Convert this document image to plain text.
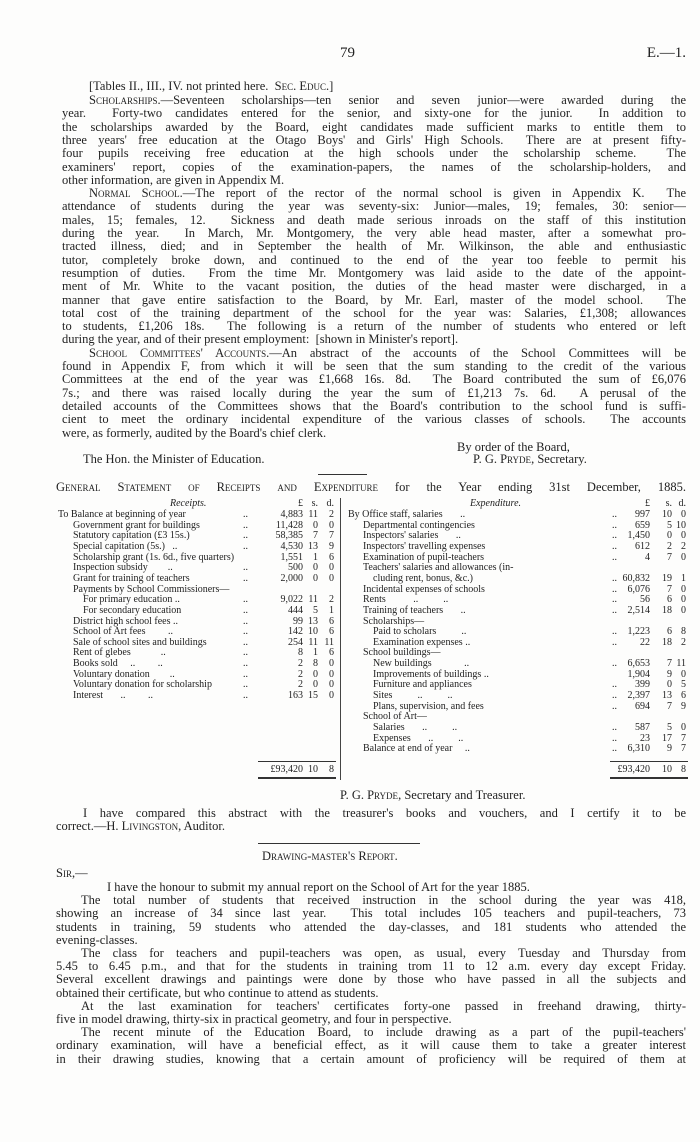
79	E.—1.
Receipts.	Expenditure.
[Tables II., III., IV. not printed here.  Sec. Educ.]
Scholarships.—Seventeen scholarships—ten senior and seven junior—were awarded during the
year.  Forty-two candidates entered for the senior, and sixty-one for the junior.  In addition to
the scholarships awarded by the Board, eight candidates made sufficient marks to entitle them to
three years' free education at the Otago Boys' and Girls' High Schools.  There are at present fifty-
four pupils receiving free education at the high schools under the scholarship scheme.  The
examiners' report, copies of the examination-papers, the names of the scholarship-holders, and
other information, are given in Appendix M.
Normal School.—The report of the rector of the normal school is given in Appendix K.  The
attendance of students during the year was seventy-six: Junior—males, 19; females, 30: senior—
males, 15; females, 12.  Sickness and death made serious inroads on the staff of this institution
during the year.  In March, Mr. Montgomery, the very able head master, after a somewhat pro-
tracted illness, died; and in September the health of Mr. Wilkinson, the able and enthusiastic
tutor, completely broke down, and continued to the end of the year too feeble to permit his
resumption of duties.  From the time Mr. Montgomery was laid aside to the date of the appoint-
ment of Mr. White to the vacant position, the duties of the head master were discharged, in a
manner that gave entire satisfaction to the Board, by Mr. Earl, master of the model school.  The
total cost of the training department of the school for the year was: Salaries, £1,308; allowances
to students, £1,206 18s.  The following is a return of the number of students who entered or left
during the year, and of their present employment:  [shown in Minister's report].
School Committees' Accounts.—An abstract of the accounts of the School Committees will be
found in Appendix F, from which it will be seen that the sum standing to the credit of the various
Committees at the end of the year was £1,668 16s. 8d.  The Board contributed the sum of £6,076
7s.; and there was raised locally during the year the sum of £1,213 7s. 6d.  A perusal of the
detailed accounts of the Committees shows that the Board's contribution to the school fund is suffi-
cient to meet the ordinary incidental expenditure of the various classes of schools.  The accounts
were, as formerly, audited by the Board's chief clerk.
By order of the Board,
P. G. Pryde, Secretary.
The Hon. the Minister of Education.
General Statement of Receipts and Expenditure for the Year ending 31st December, 1885.
£ s. d.	£ s. d.
To Balance at beginning of year	..	4,883 11 2
Government grant for buildings	..	11,428 0 0
Statutory capitation (£3 15s.)	..	58,385 7 7
Special capitation (5s.)   ..	..	4,530 13 9
Scholarship grant (1s. 6d., five quarters)	1,551 1 6
Inspection subsidy        ..	..	500 0 0
Grant for training of teachers	..	2,000 0 0
Payments by School Commissioners—
For primary education ..	..	9,022 11 2
For secondary education	..	444 5 1
District high school fees ..	..	99 13 6
School of Art fees         ..	..	142 10 6
Sale of school sites and buildings	..	254 11 11
Rent of glebes            ..	..	8 1 6
Books sold     ..         ..	..	2 8 0
Voluntary donation        ..	..	2 0 0
Voluntary donation for scholarship	..	2 0 0
Interest       ..         ..	..	163 15 0
By Office staff, salaries       ..	.. 997 10 0
Departmental contingencies	.. 659 5 10
Inspectors' salaries       ..	.. 1,450 0 0
Inspectors' travelling expenses	.. 612 2 2
Examination of pupil-teachers	..	4 7 0
Teachers' salaries and allowances (in-
cluding rent, bonus, &c.)	.. 60,832 19 1
Incidental expenses of schools	.. 6,076 7 0
Rents           ..          ..	.. 56 6 0
Training of teachers       ..	.. 2,514 18 0
Scholarships—
Paid to scholars          ..	.. 1,223 6 8
Examination expenses ..	.. 22 18 2
School buildings—
New buildings             ..	.. 6,653 7 11
Improvements of buildings ..	1,904 9 0
Furniture and appliances	.. 399 0 5
Sites          ..          ..	.. 2,397 13 6
Plans, supervision, and fees	.. 694 7 9
School of Art—
Salaries       ..          ..	.. 587 5 0
Expenses       ..          ..	.. 23 17 7
Balance at end of year     ..	.. 6,310 9 7
£93,420 10 8	£93,420 10 8
P. G. Pryde, Secretary and Treasurer.
I have compared this abstract with the treasurer's books and vouchers, and I certify it to be
correct.—H. Livingston, Auditor.
Drawing-master's Report.
Sir,—
I have the honour to submit my annual report on the School of Art for the year 1885.
The total number of students that received instruction in the school during the year was 418,
showing an increase of 34 since last year.  This total includes 105 teachers and pupil-teachers, 73
students in training, 59 students who attended the day-classes, and 181 students who attended the
evening-classes.
The class for teachers and pupil-teachers was open, as usual, every Tuesday and Thursday from
5.45 to 6.45 p.m., and that for the students in training trom 11 to 12 a.m. every day except Friday.
Several excellent drawings and paintings were done by those who have passed in all the subjects and
obtained their certificate, but who continue to attend as students.
At the last examination for teachers' certificates forty-one passed in freehand drawing, thirty-
five in model drawing, thirty-six in practical geometry, and four in perspective.
The recent minute of the Education Board, to include drawing as a part of the pupil-teachers'
ordinary examination, will have a beneficial effect, as it will cause them to take a greater interest
in their drawing studies, knowing that a certain amount of proficiency will be required of them at
